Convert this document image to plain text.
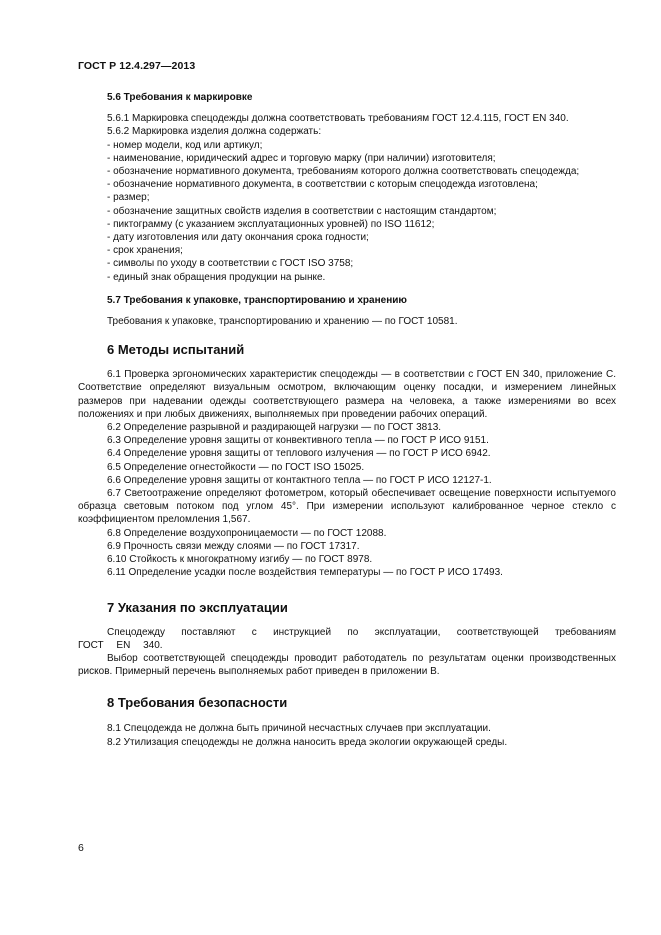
ГОСТ Р 12.4.297—2013
5.6 Требования к маркировке

5.6.1 Маркировка спецодежды должна соответствовать требованиям ГОСТ 12.4.115, ГОСТ EN 340.

5.6.2 Маркировка изделия должна содержать:

- номер модели, код или артикул;
- наименование, юридический адрес и торговую марку (при наличии) изготовителя;
- обозначение нормативного документа, требованиям которого должна соответствовать спецодежда;
- обозначение нормативного документа, в соответствии с которым спецодежда изготовлена;
- размер;
- обозначение защитных свойств изделия в соответствии с настоящим стандартом;
- пиктограмму (с указанием эксплуатационных уровней) по ISO 11612;
- дату изготовления или дату окончания срока годности;
- срок хранения;
- символы по уходу в соответствии с ГОСТ ISO 3758;
- единый знак обращения продукции на рынке.
5.7 Требования к упаковке, транспортированию и хранению

Требования к упаковке, транспортированию и хранению — по ГОСТ 10581.

6 Методы испытаний

6.1 Проверка эргономических характеристик спецодежды — в соответствии с ГОСТ EN 340, приложение C. Соответствие определяют визуальным осмотром, включающим оценку посадки, и измерением линейных размеров при надевании одежды соответствующего размера на человека, а также измерениями во всех положениях и при любых движениях, выполняемых при проведении рабочих операций.

6.2 Определение разрывной и раздирающей нагрузки — по ГОСТ 3813.

6.3 Определение уровня защиты от конвективного тепла — по ГОСТ Р ИСО 9151.

6.4 Определение уровня защиты от теплового излучения — по ГОСТ Р ИСО 6942.

6.5 Определение огнестойкости — по ГОСТ ISO 15025.

6.6 Определение уровня защиты от контактного тепла — по ГОСТ Р ИСО 12127-1.

6.7 Светоотражение определяют фотометром, который обеспечивает освещение поверхности испытуемого образца световым потоком под углом 45°. При измерении используют калиброванное черное стекло с коэффициентом преломления 1,567.

6.8 Определение воздухопроницаемости — по ГОСТ 12088.

6.9 Прочность связи между слоями — по ГОСТ 17317.

6.10 Стойкость к многократному изгибу — по ГОСТ 8978.

6.11 Определение усадки после воздействия температуры — по ГОСТ Р ИСО 17493.

7 Указания по эксплуатации

Спецодежду поставляют с инструкцией по эксплуатации, соответствующей требованиям ГОСТ EN 340.

Выбор соответствующей спецодежды проводит работодатель по результатам оценки производственных рисков. Примерный перечень выполняемых работ приведен в приложении В.

8 Требования безопасности

8.1 Спецодежда не должна быть причиной несчастных случаев при эксплуатации.

8.2 Утилизация спецодежды не должна наносить вреда экологии окружающей среды.

6
